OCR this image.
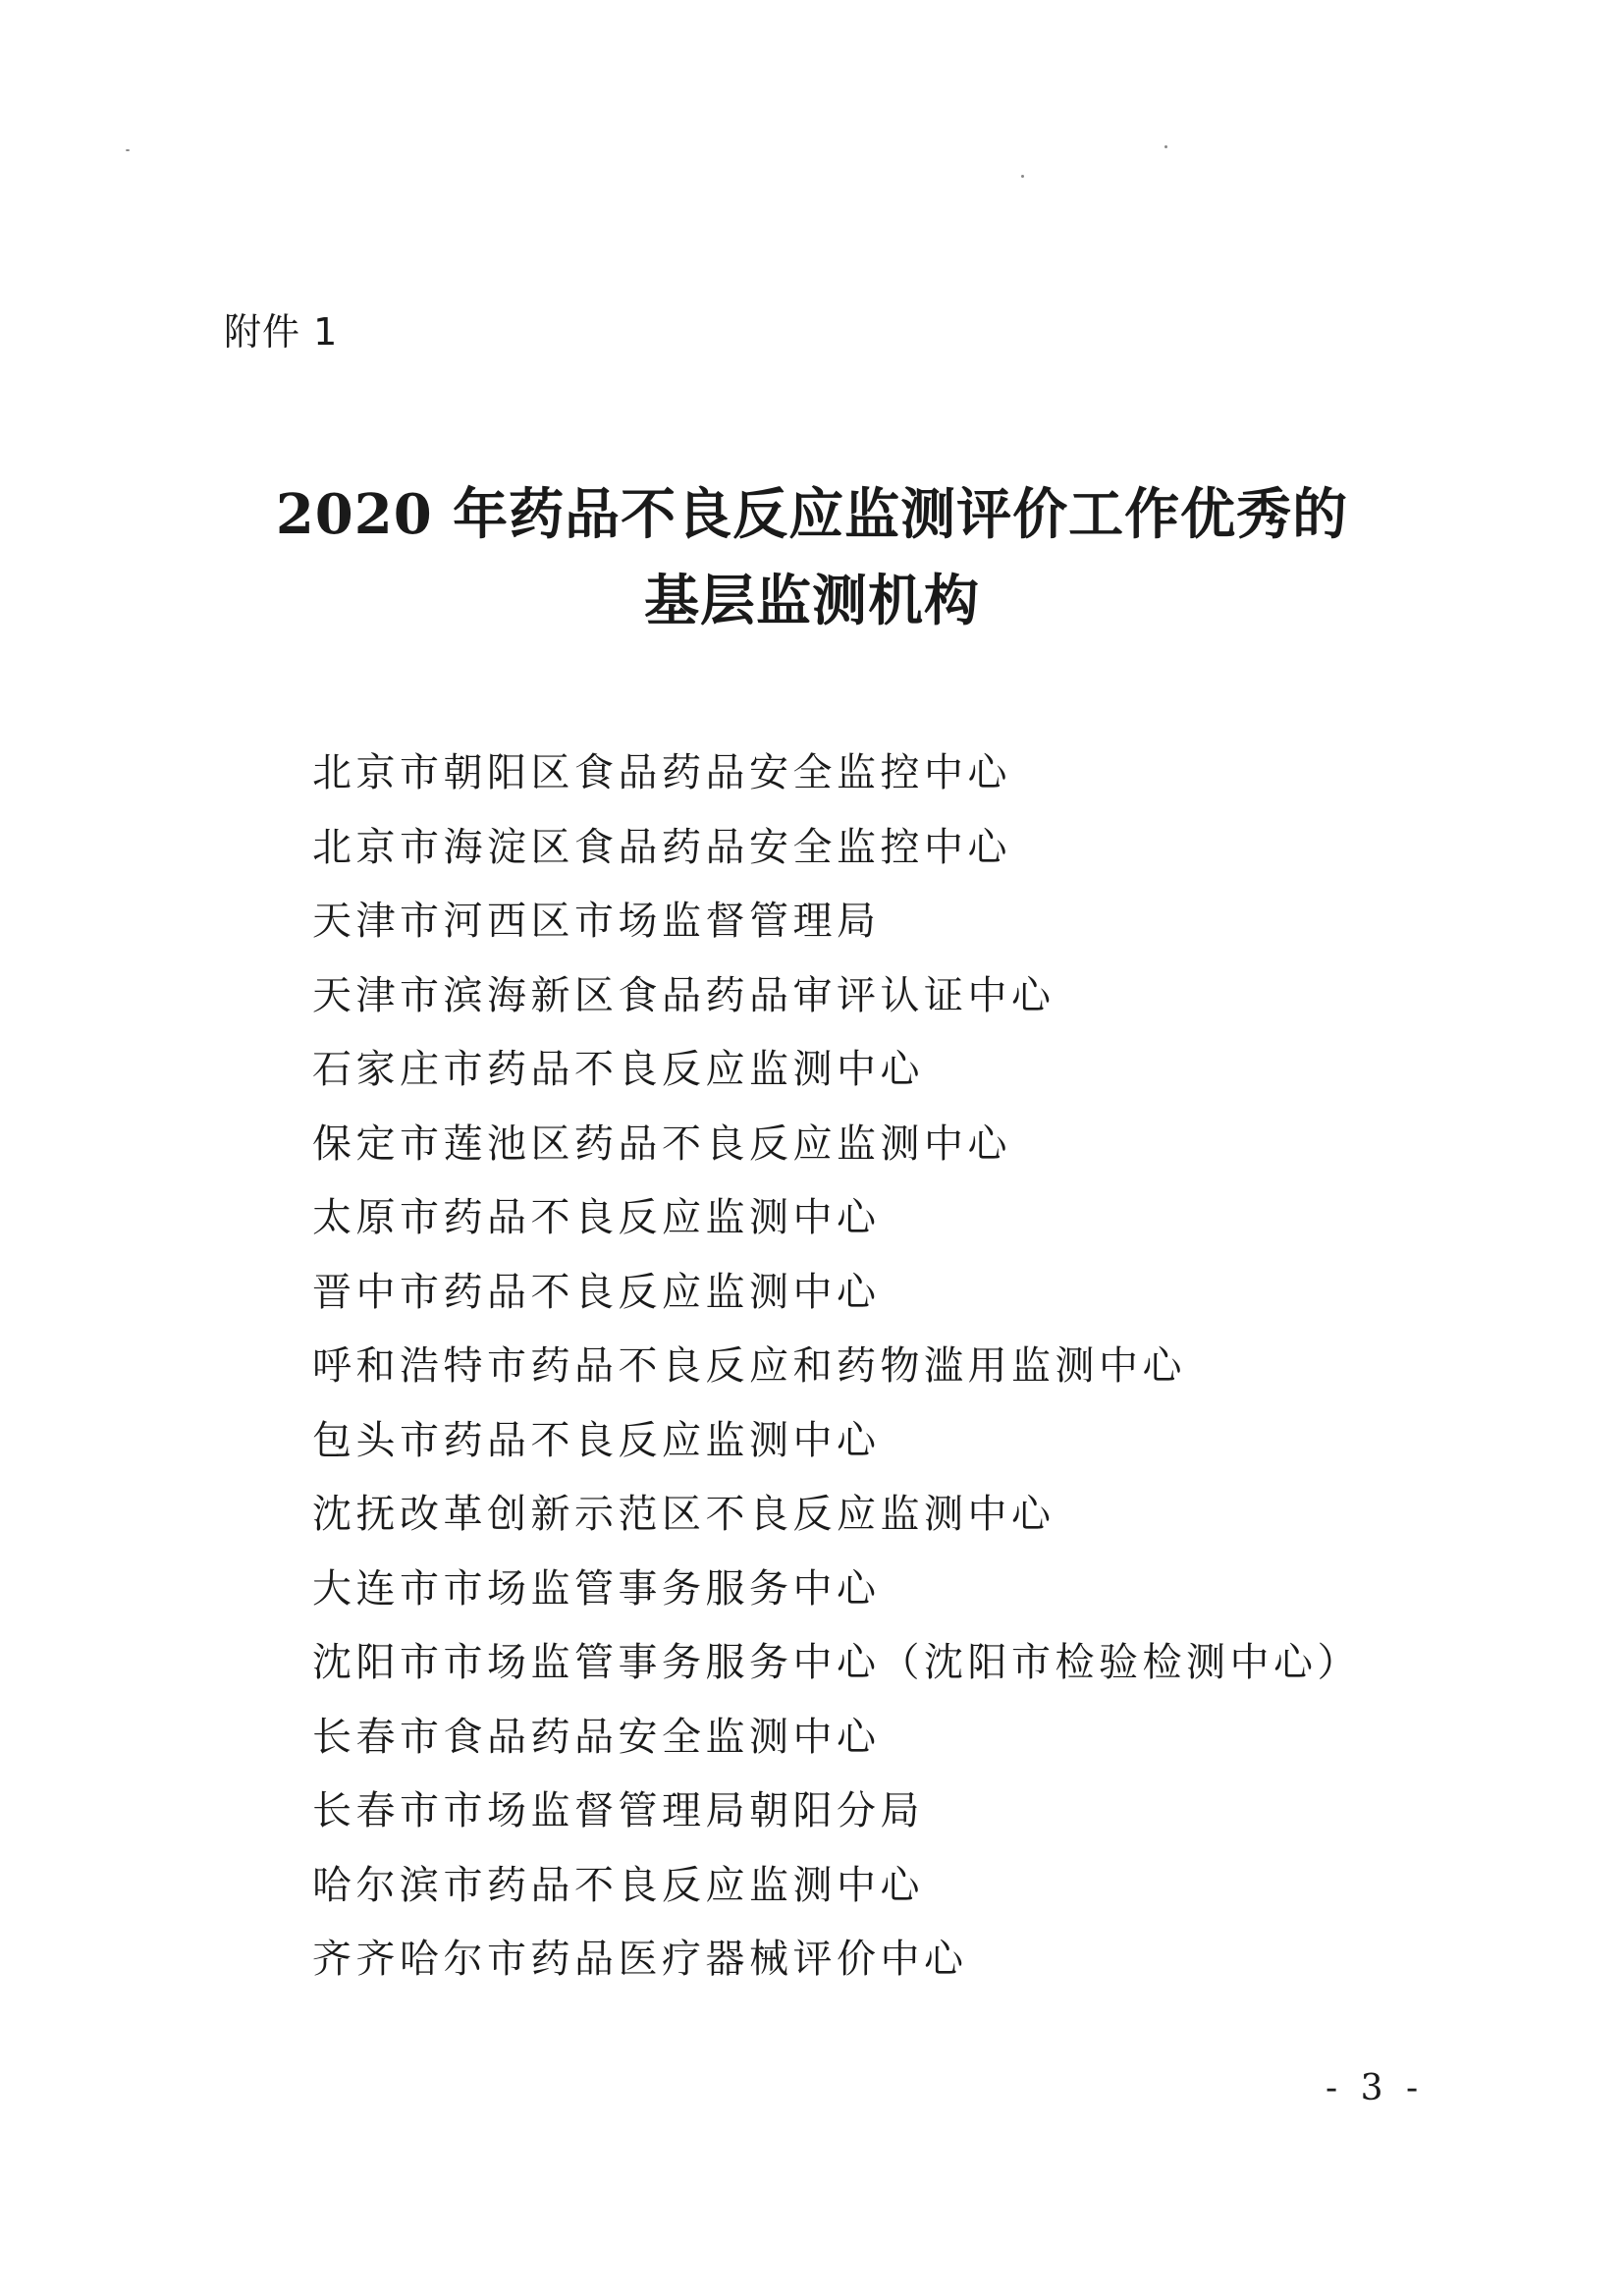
附件 1
2020 年药品不良反应监测评价工作优秀的
基层监测机构
北京市朝阳区食品药品安全监控中心
北京市海淀区食品药品安全监控中心
天津市河西区市场监督管理局
天津市滨海新区食品药品审评认证中心
石家庄市药品不良反应监测中心
保定市莲池区药品不良反应监测中心
太原市药品不良反应监测中心
晋中市药品不良反应监测中心
呼和浩特市药品不良反应和药物滥用监测中心
包头市药品不良反应监测中心
沈抚改革创新示范区不良反应监测中心
大连市市场监管事务服务中心
沈阳市市场监管事务服务中心（沈阳市检验检测中心）
长春市食品药品安全监测中心
长春市市场监督管理局朝阳分局
哈尔滨市药品不良反应监测中心
齐齐哈尔市药品医疗器械评价中心
- 3 -
